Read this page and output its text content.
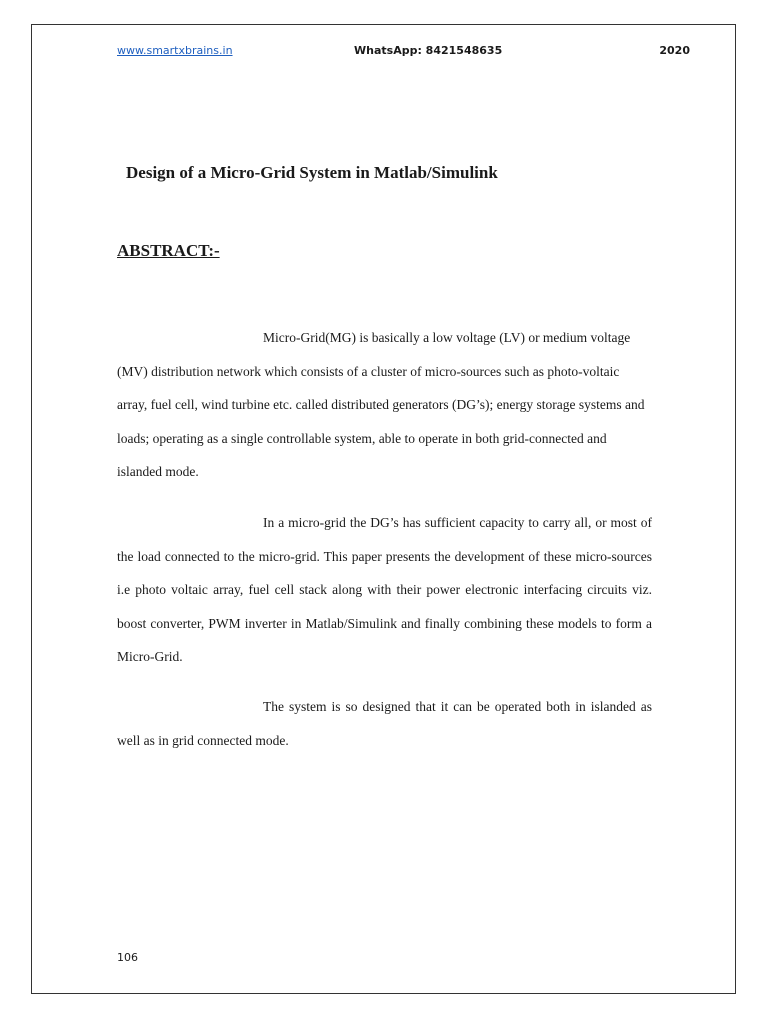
www.smartxbrains.in	WhatsApp: 8421548635	2020
Design of a Micro-Grid System in Matlab/Simulink
ABSTRACT:-

Micro-Grid(MG) is basically a low voltage (LV) or medium voltage (MV) distribution network which consists of a cluster of micro-sources such as photo-voltaic array, fuel cell, wind turbine etc. called distributed generators (DG’s); energy storage systems and loads; operating as a single controllable system, able to operate in both grid-connected and islanded mode.

In a micro-grid the DG’s has sufficient capacity to carry all, or most of the load connected to the micro-grid. This paper presents the development of these micro-sources i.e photo voltaic array, fuel cell stack along with their power electronic interfacing circuits viz. boost converter, PWM inverter in Matlab/Simulink and finally combining these models to form a Micro-Grid.

The system is so designed that it can be operated both in islanded as well as in grid connected mode.

106
